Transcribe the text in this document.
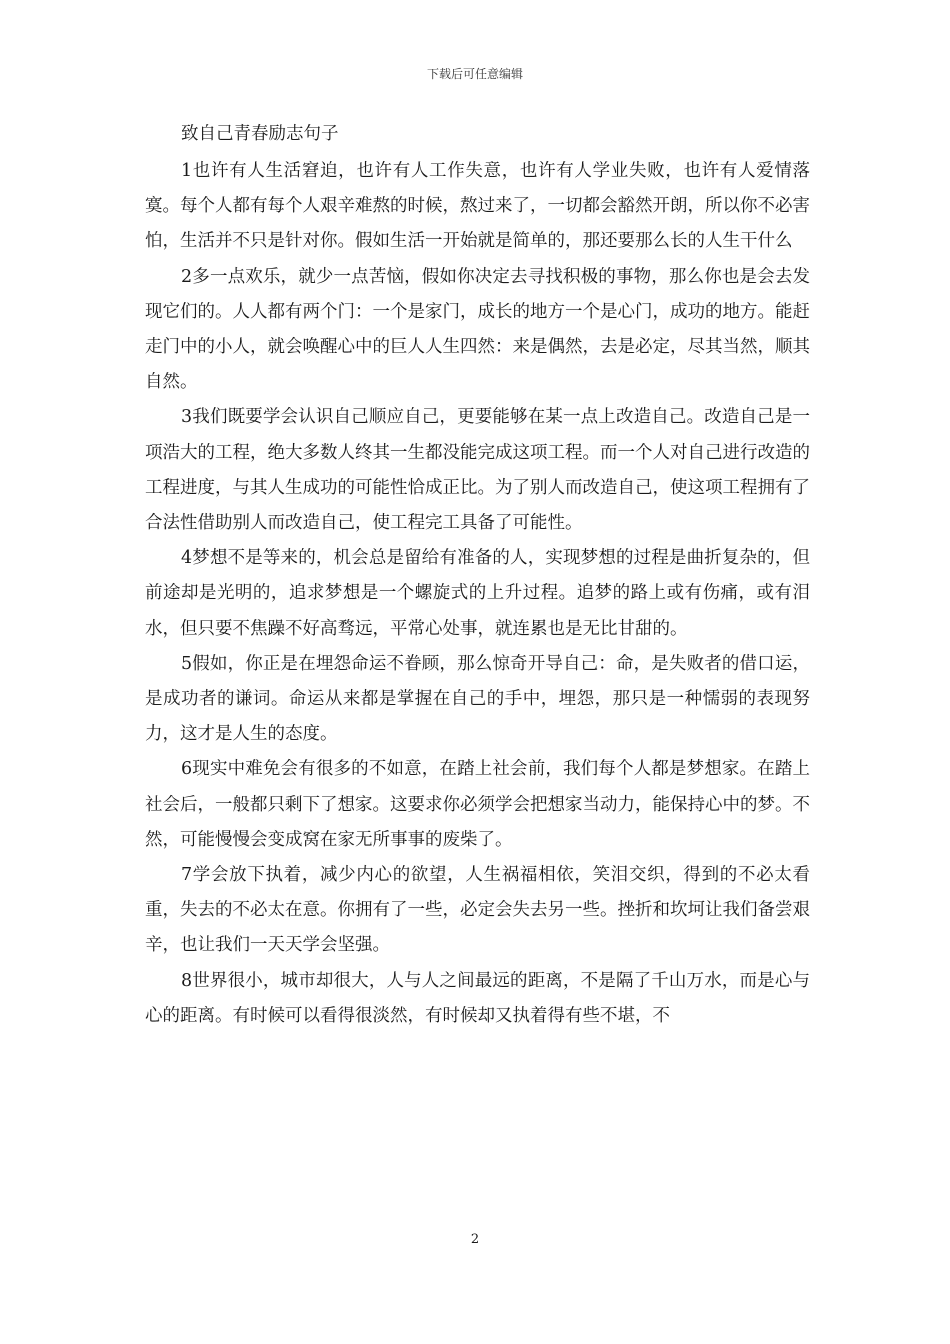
下载后可任意编辑
致自己青春励志句子

1也许有人生活窘迫，也许有人工作失意，也许有人学业失败，也许有人爱情落寞。每个人都有每个人艰辛难熬的时候，熬过来了，一切都会豁然开朗，所以你不必害怕，生活并不只是针对你。假如生活一开始就是简单的，那还要那么长的人生干什么

2多一点欢乐，就少一点苦恼，假如你决定去寻找积极的事物，那么你也是会去发现它们的。人人都有两个门：一个是家门，成长的地方一个是心门，成功的地方。能赶走门中的小人，就会唤醒心中的巨人人生四然：来是偶然，去是必定，尽其当然，顺其自然。

3我们既要学会认识自己顺应自己，更要能够在某一点上改造自己。改造自己是一项浩大的工程，绝大多数人终其一生都没能完成这项工程。而一个人对自己进行改造的工程进度，与其人生成功的可能性恰成正比。为了别人而改造自己，使这项工程拥有了合法性借助别人而改造自己，使工程完工具备了可能性。

4梦想不是等来的，机会总是留给有准备的人，实现梦想的过程是曲折复杂的，但前途却是光明的，追求梦想是一个螺旋式的上升过程。追梦的路上或有伤痛，或有泪水，但只要不焦躁不好高骛远，平常心处事，就连累也是无比甘甜的。

5假如，你正是在埋怨命运不眷顾，那么惊奇开导自己：命，是失败者的借口运，是成功者的谦词。命运从来都是掌握在自己的手中，埋怨，那只是一种懦弱的表现努力，这才是人生的态度。

6现实中难免会有很多的不如意，在踏上社会前，我们每个人都是梦想家。在踏上社会后，一般都只剩下了想家。这要求你必须学会把想家当动力，能保持心中的梦。不然，可能慢慢会变成窝在家无所事事的废柴了。

7学会放下执着，减少内心的欲望，人生祸福相依，笑泪交织，得到的不必太看重，失去的不必太在意。你拥有了一些，必定会失去另一些。挫折和坎坷让我们备尝艰辛，也让我们一天天学会坚强。

8世界很小，城市却很大，人与人之间最远的距离，不是隔了千山万水，而是心与心的距离。有时候可以看得很淡然，有时候却又执着得有些不堪，不

2
